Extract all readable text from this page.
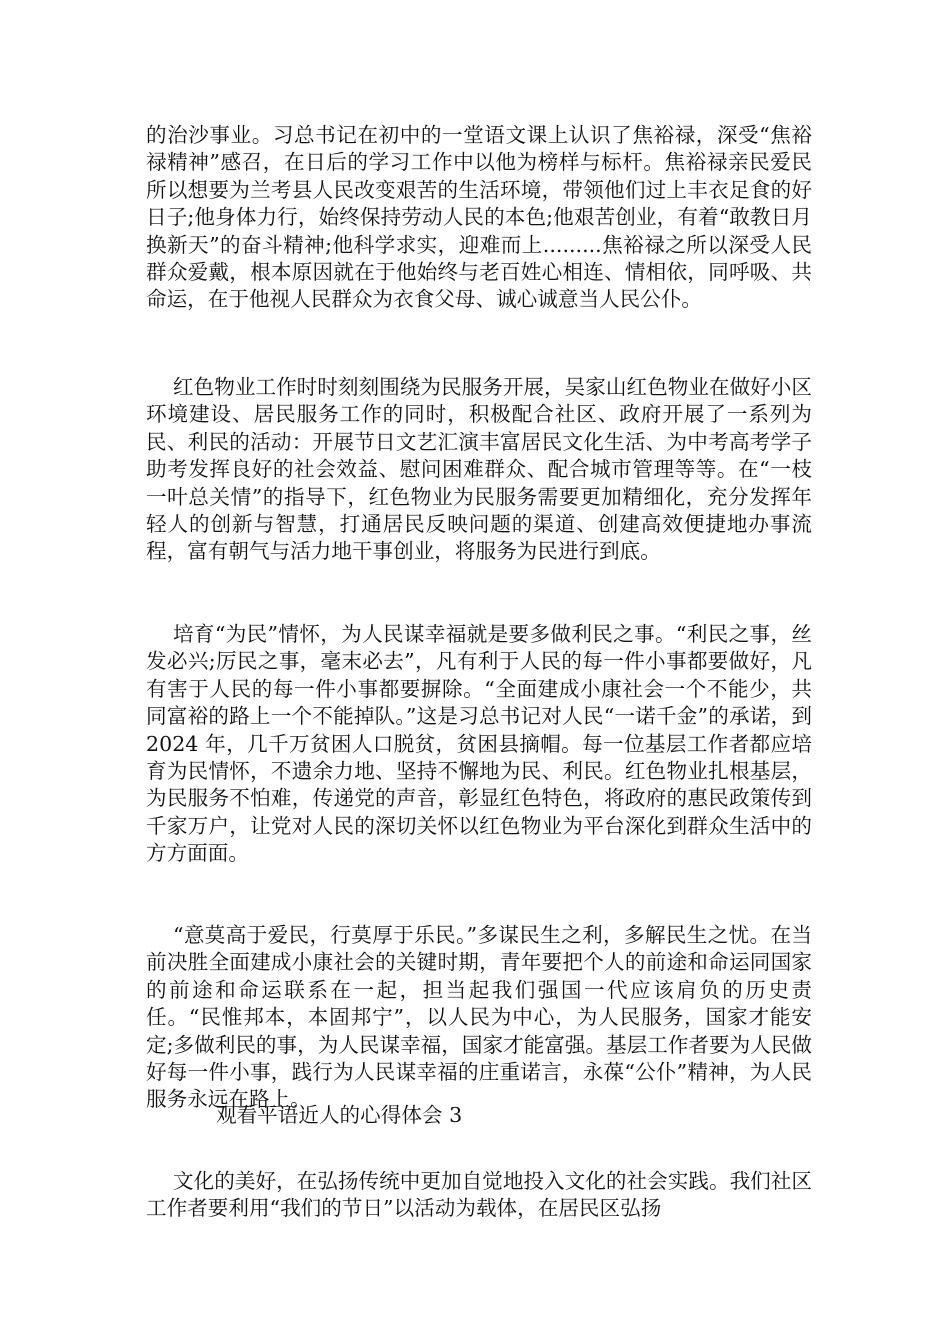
的治沙事业。习总书记在初中的一堂语文课上认识了焦裕禄，深受“焦裕禄精神”感召，在日后的学习工作中以他为榜样与标杆。焦裕禄亲民爱民所以想要为兰考县人民改变艰苦的生活环境，带领他们过上丰衣足食的好日子;他身体力行，始终保持劳动人民的本色;他艰苦创业，有着“敢教日月换新天”的奋斗精神;他科学求实，迎难而上.........焦裕禄之所以深受人民群众爱戴，根本原因就在于他始终与老百姓心相连、情相依，同呼吸、共命运，在于他视人民群众为衣食父母、诚心诚意当人民公仆。

红色物业工作时时刻刻围绕为民服务开展，吴家山红色物业在做好小区环境建设、居民服务工作的同时，积极配合社区、政府开展了一系列为民、利民的活动：开展节日文艺汇演丰富居民文化生活、为中考高考学子助考发挥良好的社会效益、慰问困难群众、配合城市管理等等。在“一枝一叶总关情”的指导下，红色物业为民服务需要更加精细化，充分发挥年轻人的创新与智慧，打通居民反映问题的渠道、创建高效便捷地办事流程，富有朝气与活力地干事创业，将服务为民进行到底。

培育“为民”情怀，为人民谋幸福就是要多做利民之事。“利民之事，丝发必兴;厉民之事，毫末必去”，凡有利于人民的每一件小事都要做好，凡有害于人民的每一件小事都要摒除。“全面建成小康社会一个不能少，共同富裕的路上一个不能掉队。”这是习总书记对人民“一诺千金”的承诺，到 2024 年，几千万贫困人口脱贫，贫困县摘帽。每一位基层工作者都应培育为民情怀，不遗余力地、坚持不懈地为民、利民。红色物业扎根基层，为民服务不怕难，传递党的声音，彰显红色特色，将政府的惠民政策传到千家万户，让党对人民的深切关怀以红色物业为平台深化到群众生活中的方方面面。

“意莫高于爱民，行莫厚于乐民。”多谋民生之利，多解民生之忧。在当前决胜全面建成小康社会的关键时期，青年要把个人的前途和命运同国家的前途和命运联系在一起，担当起我们强国一代应该肩负的历史责任。“民惟邦本，本固邦宁”，以人民为中心，为人民服务，国家才能安定;多做利民的事，为人民谋幸福，国家才能富强。基层工作者要为人民做好每一件小事，践行为人民谋幸福的庄重诺言，永葆“公仆”精神，为人民服务永远在路上。

观看平语近人的心得体会 3

文化的美好，在弘扬传统中更加自觉地投入文化的社会实践。我们社区工作者要利用“我们的节日”以活动为载体，在居民区弘扬
